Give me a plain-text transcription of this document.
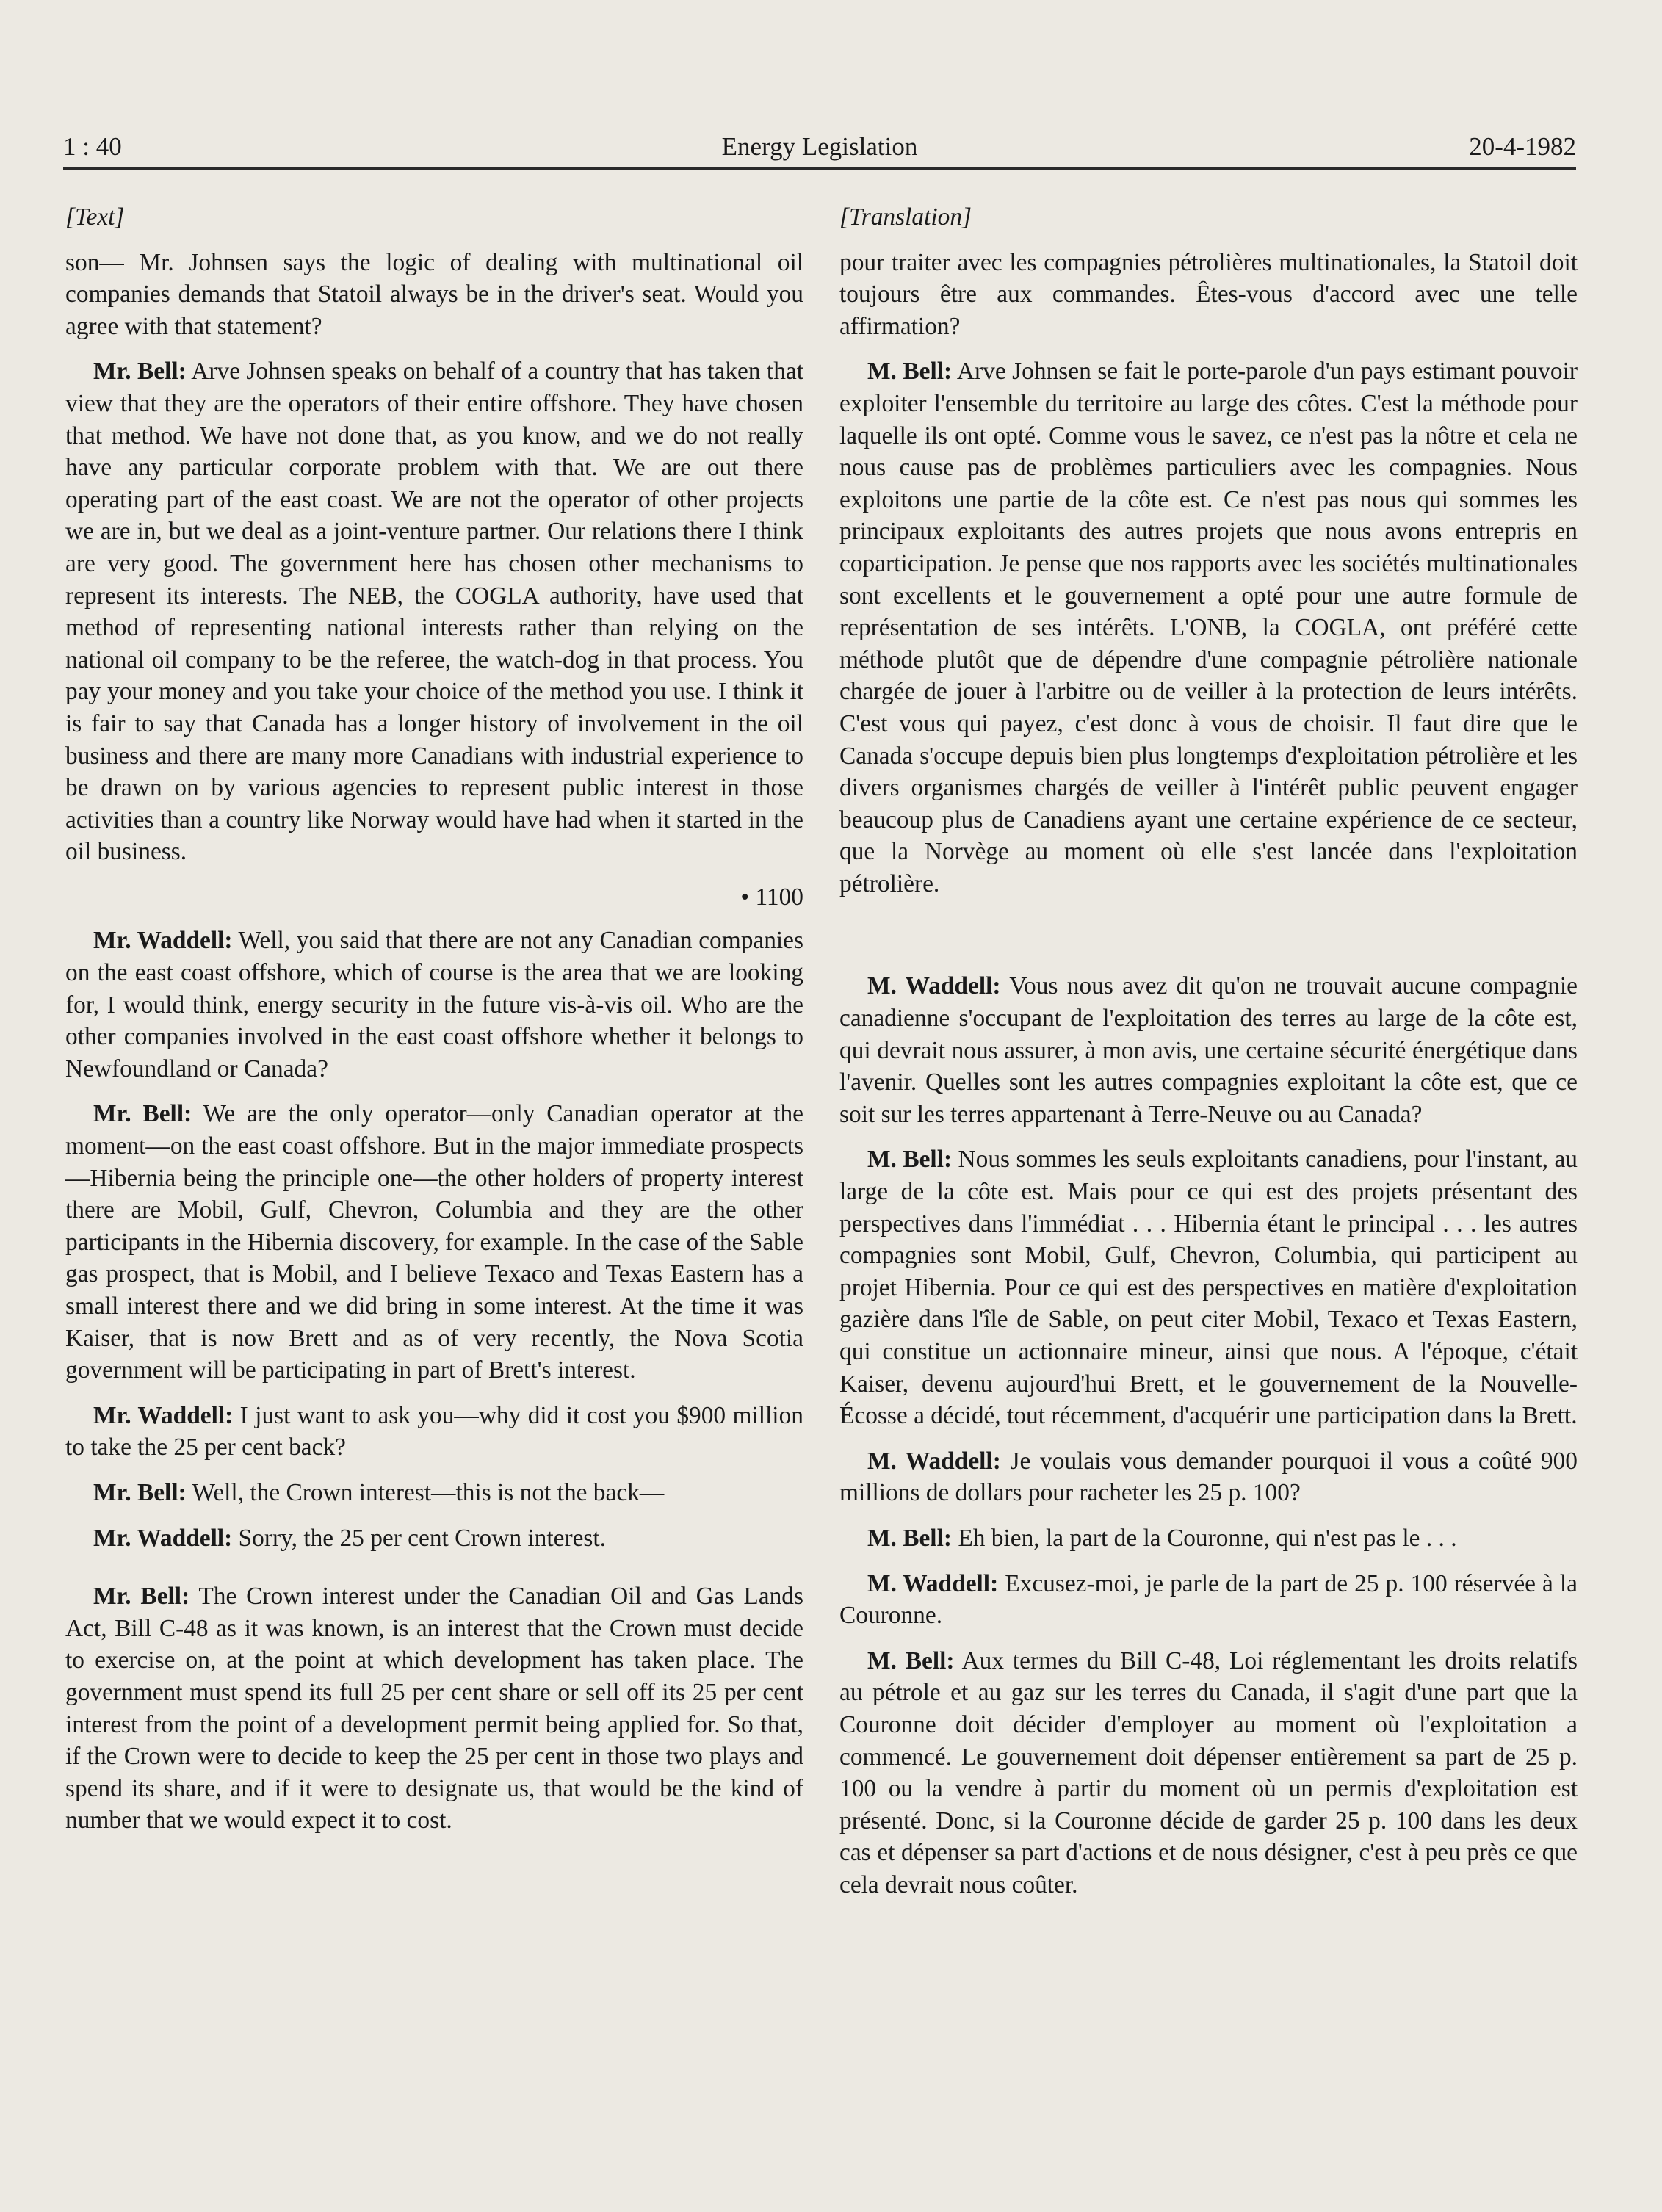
1 : 40	Energy Legislation	20-4-1982

[Text]

son— Mr. Johnsen says the logic of dealing with multinational oil companies demands that Statoil always be in the driver's seat. Would you agree with that statement?

Mr. Bell: Arve Johnsen speaks on behalf of a country that has taken that view that they are the operators of their entire offshore. They have chosen that method. We have not done that, as you know, and we do not really have any particular corporate problem with that. We are out there operating part of the east coast. We are not the operator of other projects we are in, but we deal as a joint-venture partner. Our relations there I think are very good. The government here has chosen other mechanisms to represent its interests. The NEB, the COGLA authority, have used that method of representing national interests rather than relying on the national oil company to be the referee, the watch-dog in that process. You pay your money and you take your choice of the method you use. I think it is fair to say that Canada has a longer history of involvement in the oil business and there are many more Canadians with industrial experience to be drawn on by various agencies to represent public interest in those activities than a country like Norway would have had when it started in the oil business.

• 1100

Mr. Waddell: Well, you said that there are not any Canadian companies on the east coast offshore, which of course is the area that we are looking for, I would think, energy security in the future vis-à-vis oil. Who are the other companies involved in the east coast offshore whether it belongs to Newfoundland or Canada?

Mr. Bell: We are the only operator—only Canadian operator at the moment—on the east coast offshore. But in the major immediate prospects—Hibernia being the principle one—the other holders of property interest there are Mobil, Gulf, Chevron, Columbia and they are the other participants in the Hibernia discovery, for example. In the case of the Sable gas prospect, that is Mobil, and I believe Texaco and Texas Eastern has a small interest there and we did bring in some interest. At the time it was Kaiser, that is now Brett and as of very recently, the Nova Scotia government will be participating in part of Brett's interest.

Mr. Waddell: I just want to ask you—why did it cost you $900 million to take the 25 per cent back?

Mr. Bell: Well, the Crown interest—this is not the back—

Mr. Waddell: Sorry, the 25 per cent Crown interest.

Mr. Bell: The Crown interest under the Canadian Oil and Gas Lands Act, Bill C-48 as it was known, is an interest that the Crown must decide to exercise on, at the point at which development has taken place. The government must spend its full 25 per cent share or sell off its 25 per cent interest from the point of a development permit being applied for. So that, if the Crown were to decide to keep the 25 per cent in those two plays and spend its share, and if it were to designate us, that would be the kind of number that we would expect it to cost.

[Translation]

pour traiter avec les compagnies pétrolières multinationales, la Statoil doit toujours être aux commandes. Êtes-vous d'accord avec une telle affirmation?

M. Bell: Arve Johnsen se fait le porte-parole d'un pays estimant pouvoir exploiter l'ensemble du territoire au large des côtes. C'est la méthode pour laquelle ils ont opté. Comme vous le savez, ce n'est pas la nôtre et cela ne nous cause pas de problèmes particuliers avec les compagnies. Nous exploitons une partie de la côte est. Ce n'est pas nous qui sommes les principaux exploitants des autres projets que nous avons entrepris en coparticipation. Je pense que nos rapports avec les sociétés multinationales sont excellents et le gouvernement a opté pour une autre formule de représentation de ses intérêts. L'ONB, la COGLA, ont préféré cette méthode plutôt que de dépendre d'une compagnie pétrolière nationale chargée de jouer à l'arbitre ou de veiller à la protection de leurs intérêts. C'est vous qui payez, c'est donc à vous de choisir. Il faut dire que le Canada s'occupe depuis bien plus longtemps d'exploitation pétrolière et les divers organismes chargés de veiller à l'intérêt public peuvent engager beaucoup plus de Canadiens ayant une certaine expérience de ce secteur, que la Norvège au moment où elle s'est lancée dans l'exploitation pétrolière.

M. Waddell: Vous nous avez dit qu'on ne trouvait aucune compagnie canadienne s'occupant de l'exploitation des terres au large de la côte est, qui devrait nous assurer, à mon avis, une certaine sécurité énergétique dans l'avenir. Quelles sont les autres compagnies exploitant la côte est, que ce soit sur les terres appartenant à Terre-Neuve ou au Canada?

M. Bell: Nous sommes les seuls exploitants canadiens, pour l'instant, au large de la côte est. Mais pour ce qui est des projets présentant des perspectives dans l'immédiat . . . Hibernia étant le principal . . . les autres compagnies sont Mobil, Gulf, Chevron, Columbia, qui participent au projet Hibernia. Pour ce qui est des perspectives en matière d'exploitation gazière dans l'île de Sable, on peut citer Mobil, Texaco et Texas Eastern, qui constitue un actionnaire mineur, ainsi que nous. A l'époque, c'était Kaiser, devenu aujourd'hui Brett, et le gouvernement de la Nouvelle-Écosse a décidé, tout récemment, d'acquérir une participation dans la Brett.

M. Waddell: Je voulais vous demander pourquoi il vous a coûté 900 millions de dollars pour racheter les 25 p. 100?

M. Bell: Eh bien, la part de la Couronne, qui n'est pas le . . .

M. Waddell: Excusez-moi, je parle de la part de 25 p. 100 réservée à la Couronne.

M. Bell: Aux termes du Bill C-48, Loi réglementant les droits relatifs au pétrole et au gaz sur les terres du Canada, il s'agit d'une part que la Couronne doit décider d'employer au moment où l'exploitation a commencé. Le gouvernement doit dépenser entièrement sa part de 25 p. 100 ou la vendre à partir du moment où un permis d'exploitation est présenté. Donc, si la Couronne décide de garder 25 p. 100 dans les deux cas et dépenser sa part d'actions et de nous désigner, c'est à peu près ce que cela devrait nous coûter.
